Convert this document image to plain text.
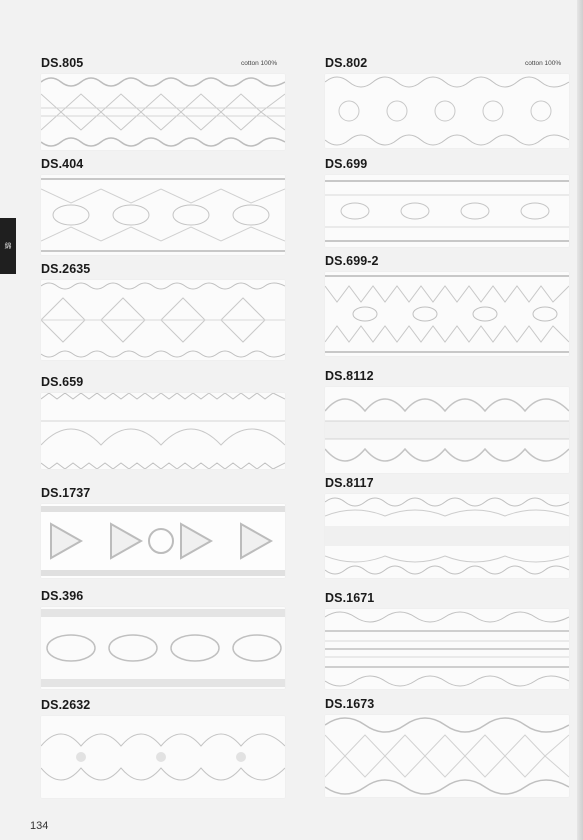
綿
DS.805	cotton 100%
DS.404
DS.2635
DS.659
DS.1737
DS.396
DS.2632
DS.802	cotton 100%
DS.699
DS.699-2
DS.8112
DS.8117
DS.1671
DS.1673
134
